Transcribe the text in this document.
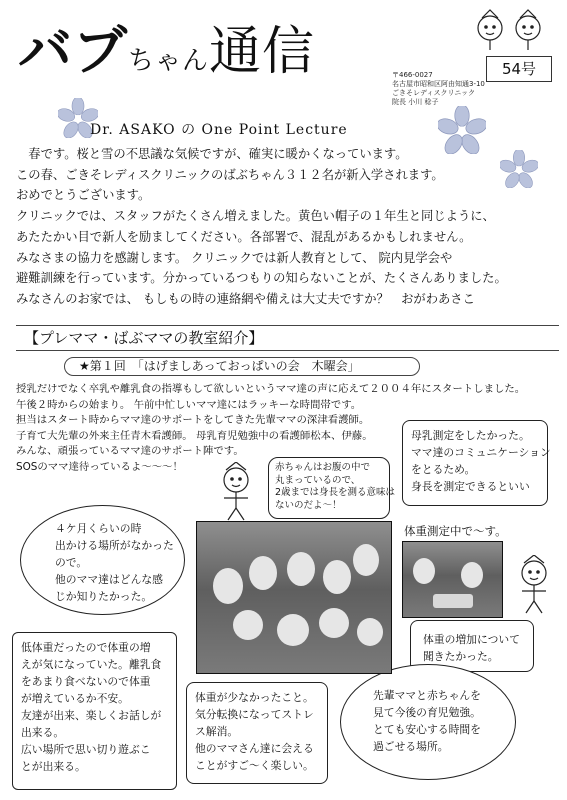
バブちゃん通信	54号
〒466-0027
名古屋市昭和区阿由知通3-10
ごきそレディスクリニック
院長 小川 稔子
Dr. ASAKO の One Point Lecture
　春です。桜と雪の不思議な気候ですが、確実に暖かくなっています。
この春、ごきそレディスクリニックのばぶちゃん３１２名が新入学されます。
おめでとうございます。
クリニックでは、スタッフがたくさん増えました。黄色い帽子の１年生と同じように、
あたたかい目で新人を励ましてください。各部署で、混乱があるかもしれません。
みなさまの協力を感謝します。 クリニックでは新人教育として、 院内見学会や
避難訓練を行っています。分かっているつもりの知らないことが、たくさんありました。
みなさんのお家では、 もしもの時の連絡網や備えは大丈夫ですか？　おがわあさこ
【プレママ・ばぶママの教室紹介】
★第１回　「はげましあっておっぱいの会　木曜会」
授乳だけでなく卒乳や離乳食の指導もして欲しいというママ達の声に応えて２００４年にスタートしました。
午後２時からの始まり。 午前中忙しいママ達にはラッキーな時間帯です。
担当はスタート時からママ達のサポートをしてきた先輩ママの深津看護師。
子育て大先輩の外来主任青木看護師。 母乳育児勉強中の看護師松本、伊藤。
みんな、頑張っているママ達のサポート陣です。
SOSのママ達待っているよ～～～！	赤ちゃんはお腹の中で
丸まっているので、
2歳までは身長を測る意味は
ないのだよ～！
母乳測定をしたかった。
ママ達のコミュニケーション
をとるため。
身長を測定できるといい
４ケ月くらいの時
出かける場所がなかった
ので。
他のママ達はどんな感
じか知りたかった。
体重測定中で～す。
体重の増加について
聞きたかった。
低体重だったので体重の増
えが気になっていた。離乳食
をあまり食べないので体重
が増えているか不安。
友達が出来、楽しくお話しが
出来る。
広い場所で思い切り遊ぶこ
とが出来る。
体重が少なかったこと。
気分転換になってストレ
ス解消。
他のママさん達に会える
ことがすご～く楽しい。
先輩ママと赤ちゃんを
見て今後の育児勉強。
とても安心する時間を
過ごせる場所。
